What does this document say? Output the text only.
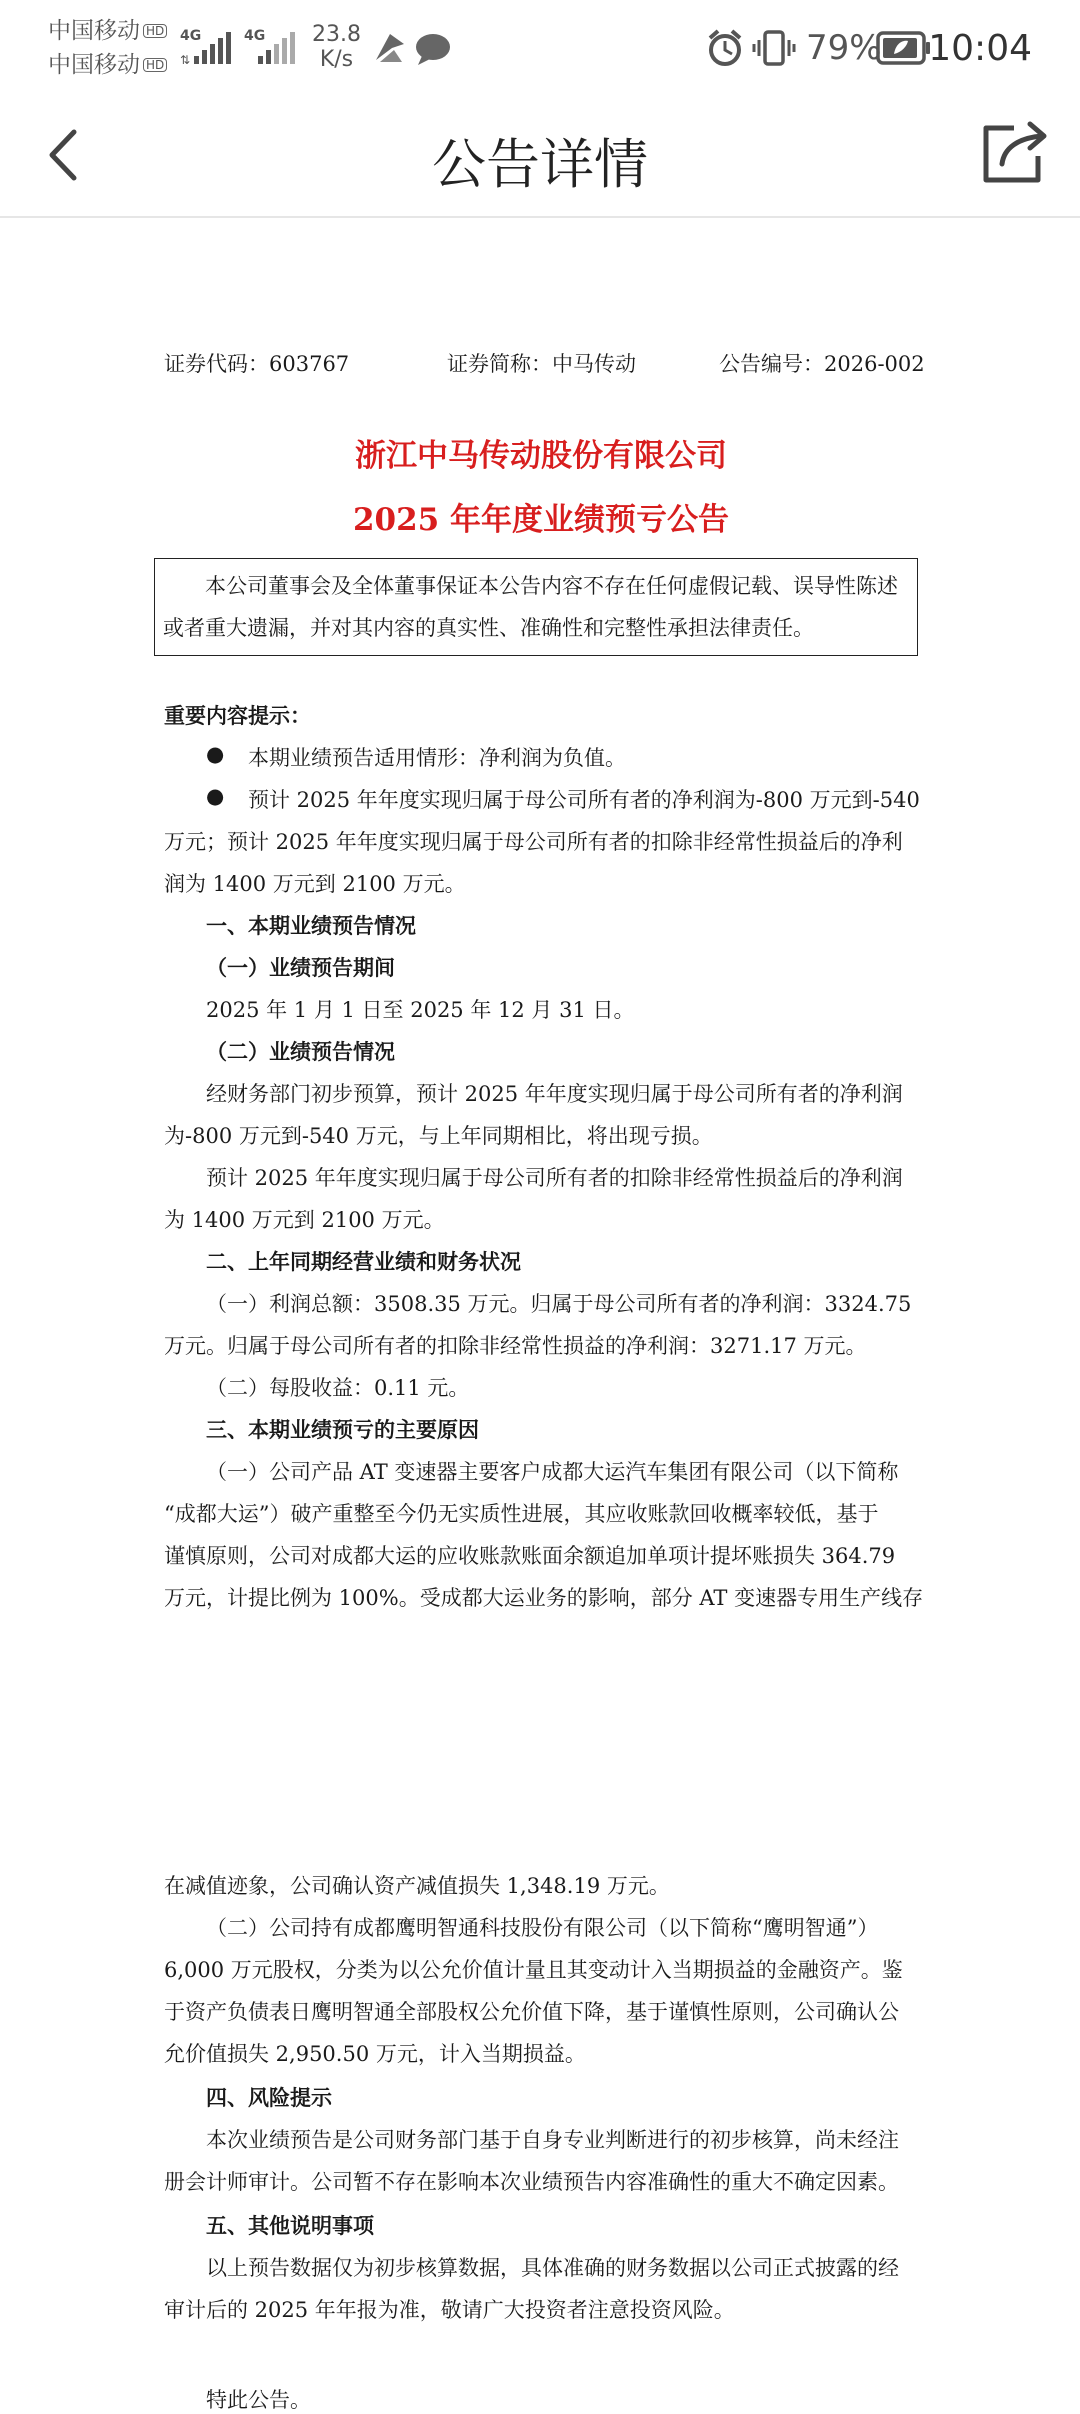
中国移动 HD
中国移动 HD
4G
⇅
4G 23.8
K/s	79% 10:04
公告详情
证券代码：603767	证券简称：中马传动	公告编号：2026-002
浙江中马传动股份有限公司
2025 年年度业绩预亏公告
本公司董事会及全体董事保证本公告内容不存在任何虚假记载、误导性陈述
或者重大遗漏，并对其内容的真实性、准确性和完整性承担法律责任。
重要内容提示：
● 本期业绩预告适用情形：净利润为负值。
● 预计 2025 年年度实现归属于母公司所有者的净利润为-800 万元到-540
万元；预计 2025 年年度实现归属于母公司所有者的扣除非经常性损益后的净利
润为 1400 万元到 2100 万元。
一、本期业绩预告情况
（一）业绩预告期间
2025 年 1 月 1 日至 2025 年 12 月 31 日。
（二）业绩预告情况
经财务部门初步预算，预计 2025 年年度实现归属于母公司所有者的净利润
为-800 万元到-540 万元，与上年同期相比，将出现亏损。
预计 2025 年年度实现归属于母公司所有者的扣除非经常性损益后的净利润
为 1400 万元到 2100 万元。
二、上年同期经营业绩和财务状况
（一）利润总额：3508.35 万元。归属于母公司所有者的净利润：3324.75
万元。归属于母公司所有者的扣除非经常性损益的净利润：3271.17 万元。
（二）每股收益：0.11 元。
三、本期业绩预亏的主要原因
（一）公司产品 AT 变速器主要客户成都大运汽车集团有限公司（以下简称
“成都大运”）破产重整至今仍无实质性进展，其应收账款回收概率较低，基于
谨慎原则，公司对成都大运的应收账款账面余额追加单项计提坏账损失 364.79
万元，计提比例为 100%。受成都大运业务的影响，部分 AT 变速器专用生产线存
在减值迹象，公司确认资产减值损失 1,348.19 万元。
（二）公司持有成都鹰明智通科技股份有限公司（以下简称“鹰明智通”）
6,000 万元股权，分类为以公允价值计量且其变动计入当期损益的金融资产。鉴
于资产负债表日鹰明智通全部股权公允价值下降，基于谨慎性原则，公司确认公
允价值损失 2,950.50 万元，计入当期损益。
四、风险提示
本次业绩预告是公司财务部门基于自身专业判断进行的初步核算，尚未经注
册会计师审计。公司暂不存在影响本次业绩预告内容准确性的重大不确定因素。
五、其他说明事项
以上预告数据仅为初步核算数据，具体准确的财务数据以公司正式披露的经
审计后的 2025 年年报为准，敬请广大投资者注意投资风险。
特此公告。
